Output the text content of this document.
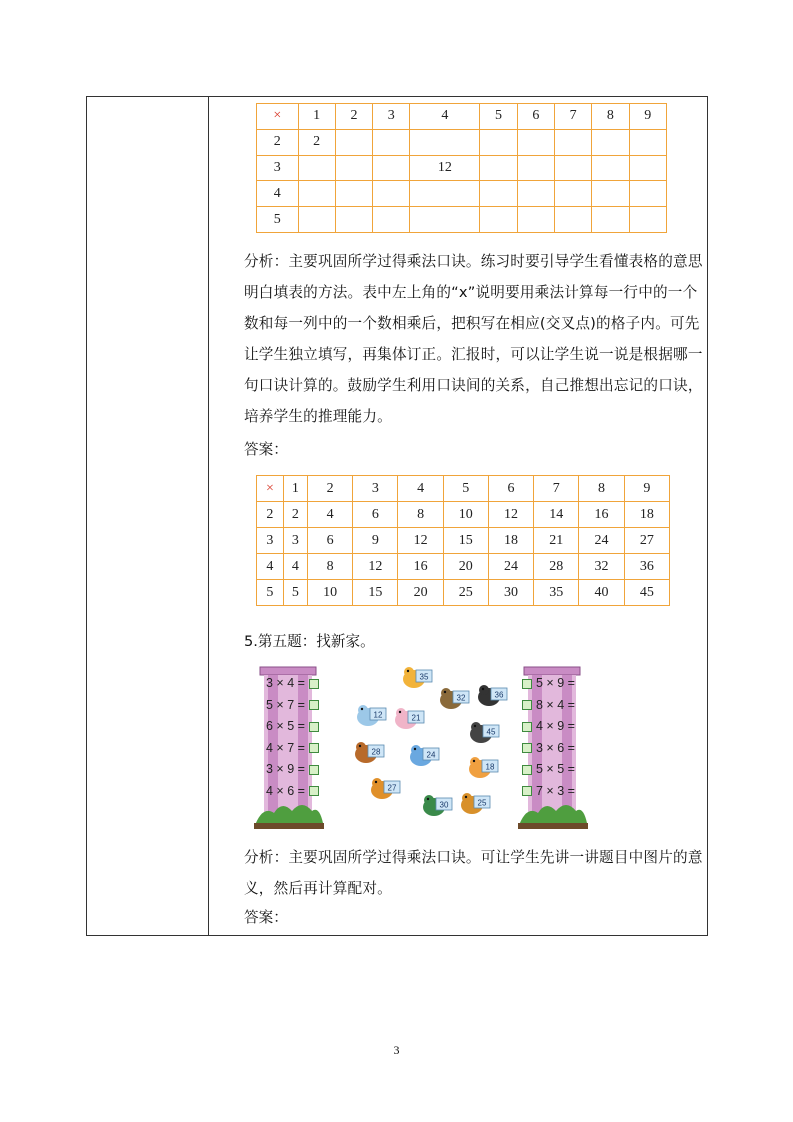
×	1	2	3	4	5	6	7	8	9
2	2								
3				12					
4									
5									

分析：主要巩固所学过得乘法口诀。练习时要引导学生看懂表格的意思明白填表的方法。表中左上角的“x”说明要用乘法计算每一行中的一个数和每一列中的一个数相乘后，把积写在相应(交叉点)的格子内。可先让学生独立填写，再集体订正。汇报时，可以让学生说一说是根据哪一句口诀计算的。鼓励学生利用口诀间的关系，自己推想出忘记的口诀，培养学生的推理能力。

答案：
×	1	2	3	4	5	6	7	8	9
2	2	4	6	8	10	12	14	16	18
3	3	6	9	12	15	18	21	24	27
4	4	8	12	16	20	24	28	32	36
5	5	10	15	20	25	30	35	40	45
5.第五题：找新家。
3 × 4 =
5 × 7 =
6 × 5 =
4 × 7 =
3 × 9 =
4 × 6 =
5 × 9 =
8 × 4 =
4 × 9 =
3 × 6 =
5 × 5 =
7 × 3 =
35
32	36
12	21
45
28	24
18
27
30	25

分析：主要巩固所学过得乘法口诀。可让学生先讲一讲题目中图片的意义，然后再计算配对。

答案：
3
